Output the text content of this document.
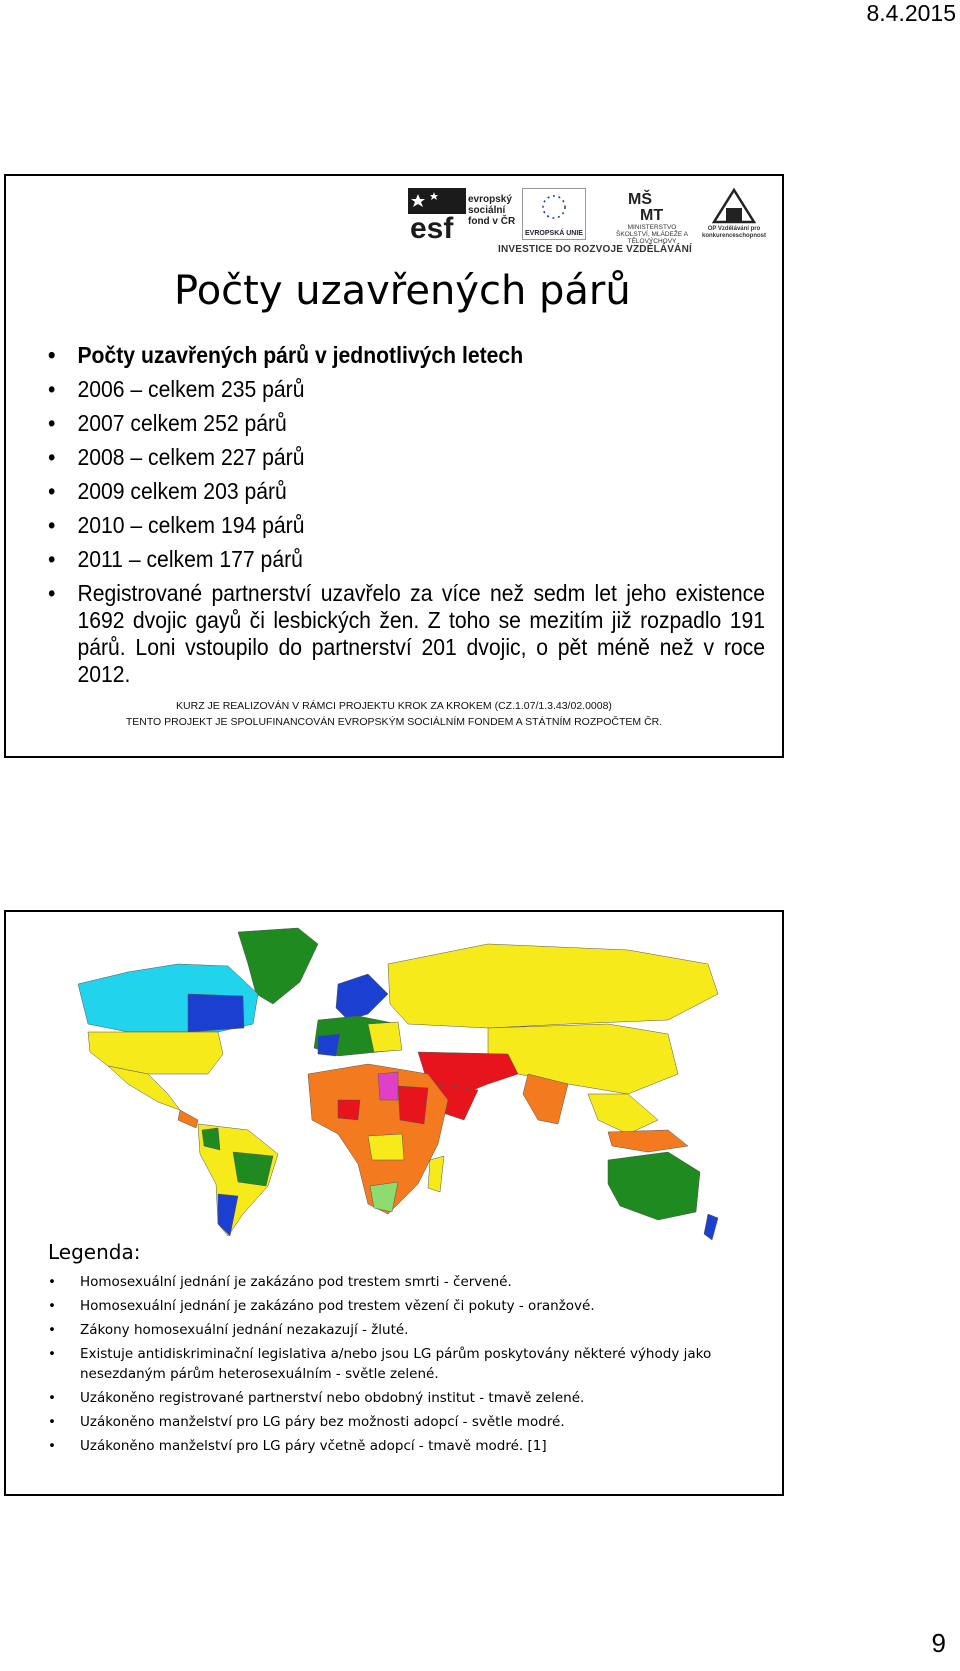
8.4.2015
esf
evropský sociální fond v ČR
EVROPSKÁ UNIE
MŠ
MT
MINISTERSTVO ŠKOLSTVÍ, MLÁDEŽE A TĚLOVÝCHOVY
OP Vzdělávání pro konkurenceschopnost
INVESTICE DO ROZVOJE VZDĚLÁVÁNÍ
Počty uzavřených párů
• Počty uzavřených párů v jednotlivých letech
• 2006 – celkem 235 párů
• 2007 celkem 252 párů
• 2008 – celkem 227 párů
• 2009 celkem 203 párů
• 2010 – celkem 194 párů
• 2011 – celkem 177 párů
• Registrované partnerství uzavřelo za více než sedm let jeho existence 1692 dvojic gayů či lesbických žen. Z toho se mezitím již rozpadlo 191 párů. Loni vstoupilo do partnerství 201 dvojic, o pět méně než v roce 2012.
KURZ JE REALIZOVÁN V RÁMCI PROJEKTU KROK ZA KROKEM (CZ.1.07/1.3.43/02.0008)
TENTO PROJEKT JE SPOLUFINANCOVÁN EVROPSKÝM SOCIÁLNÍM FONDEM A STÁTNÍM ROZPOČTEM ČR.
Legenda:
• Homosexuální jednání je zakázáno pod trestem smrti - červené.
• Homosexuální jednání je zakázáno pod trestem vězení či pokuty - oranžové.
• Zákony homosexuální jednání nezakazují - žluté.
• Existuje antidiskriminační legislativa a/nebo jsou LG párům poskytovány některé výhody jako nesezdaným párům heterosexuálním - světle zelené.
• Uzákoněno registrované partnerství nebo obdobný institut - tmavě zelené.
• Uzákoněno manželství pro LG páry bez možnosti adopcí - světle modré.
• Uzákoněno manželství pro LG páry včetně adopcí - tmavě modré. [1]
9
